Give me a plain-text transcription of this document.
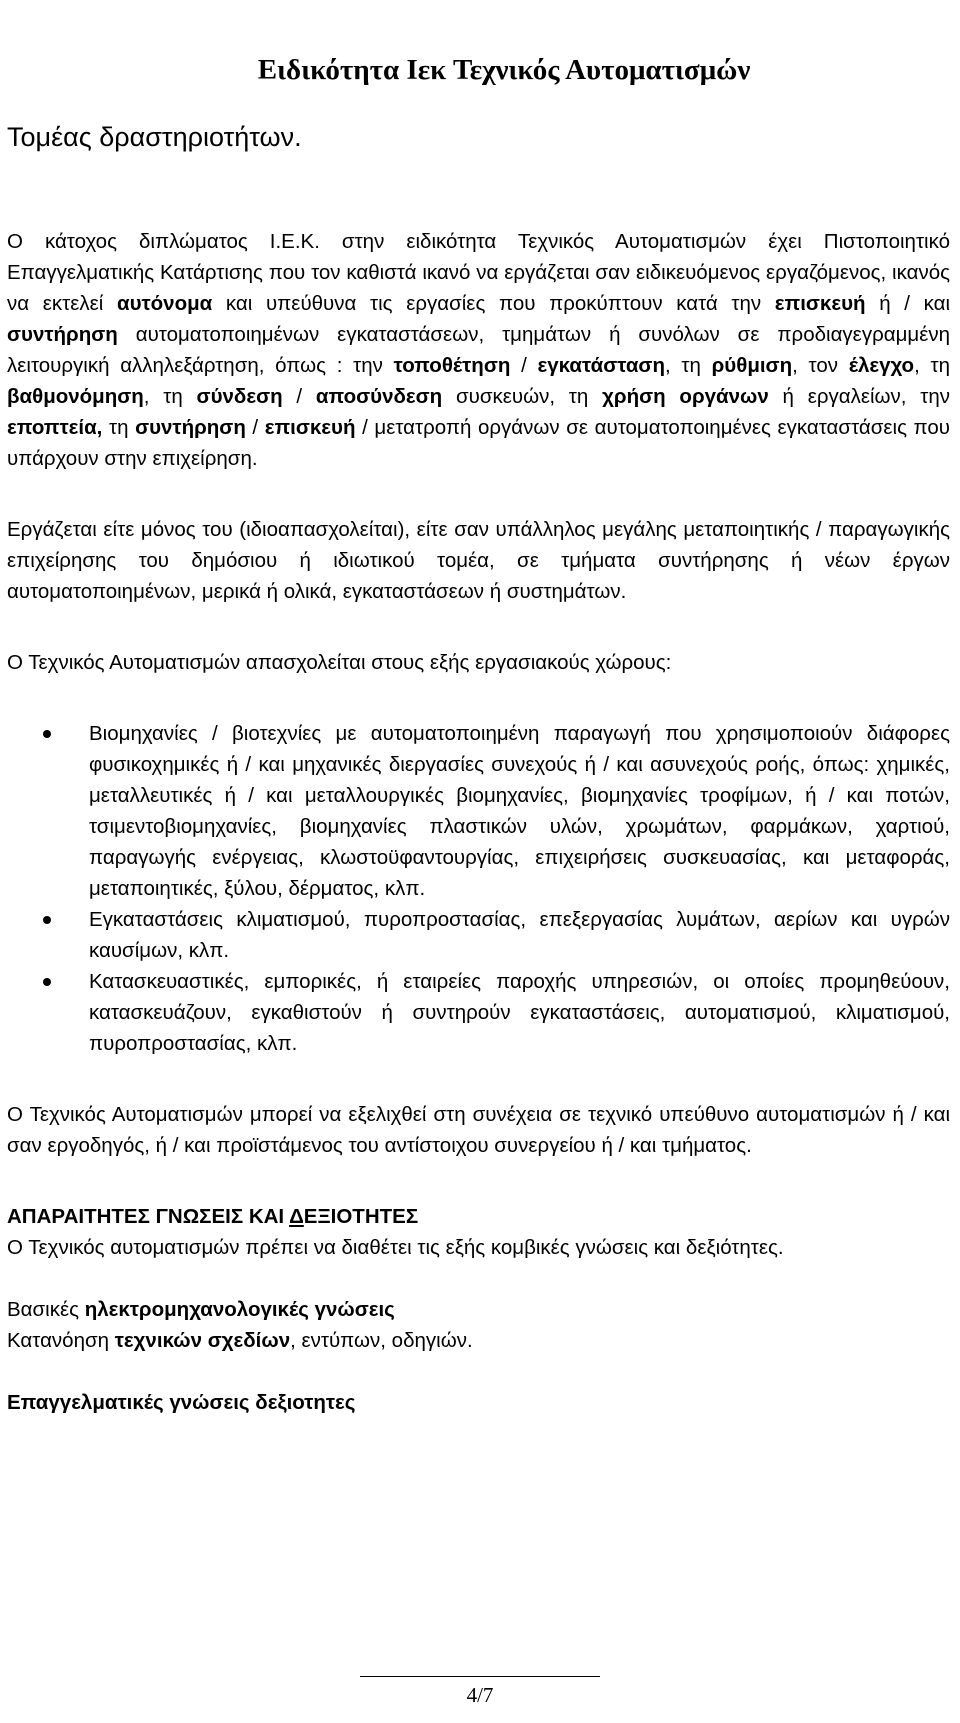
Ειδικότητα Ιεκ Τεχνικός Αυτοματισμών
Τομέας δραστηριοτήτων.

Ο κάτοχος διπλώματος Ι.Ε.Κ. στην ειδικότητα Τεχνικός Αυτοματισμών έχει Πιστοποιητικό Επαγγελματικής Κατάρτισης που τον καθιστά ικανό να εργάζεται σαν ειδικευόμενος εργαζόμενος, ικανός να εκτελεί αυτόνομα και υπεύθυνα τις εργασίες που προκύπτουν κατά την επισκευή ή / και συντήρηση αυτοματοποιημένων εγκαταστάσεων, τμημάτων ή συνόλων σε προδιαγεγραμμένη λειτουργική αλληλεξάρτηση, όπως : την τοποθέτηση / εγκατάσταση, τη ρύθμιση, τον έλεγχο, τη βαθμονόμηση, τη σύνδεση / αποσύνδεση συσκευών, τη χρήση οργάνων ή εργαλείων, την εποπτεία, τη συντήρηση / επισκευή / μετατροπή οργάνων σε αυτοματοποιημένες εγκαταστάσεις που υπάρχουν στην επιχείρηση.

Εργάζεται είτε μόνος του (ιδιοαπασχολείται), είτε σαν υπάλληλος μεγάλης μεταποιητικής / παραγωγικής επιχείρησης του δημόσιου ή ιδιωτικού τομέα, σε τμήματα συντήρησης ή νέων έργων αυτοματοποιημένων, μερικά ή ολικά, εγκαταστάσεων ή συστημάτων.

Ο Τεχνικός Αυτοματισμών απασχολείται στους εξής εργασιακούς χώρους:

Βιομηχανίες / βιοτεχνίες με αυτοματοποιημένη παραγωγή που χρησιμοποιούν διάφορες φυσικοχημικές ή / και μηχανικές διεργασίες συνεχούς ή / και ασυνεχούς ροής, όπως: χημικές, μεταλλευτικές ή / και μεταλλουργικές βιομηχανίες, βιομηχανίες τροφίμων, ή / και ποτών, τσιμεντοβιομηχανίες, βιομηχανίες πλαστικών υλών, χρωμάτων, φαρμάκων, χαρτιού, παραγωγής ενέργειας, κλωστοϋφαντουργίας, επιχειρήσεις συσκευασίας, και μεταφοράς, μεταποιητικές, ξύλου, δέρματος, κλπ.
Εγκαταστάσεις κλιματισμού, πυροπροστασίας, επεξεργασίας λυμάτων, αερίων και υγρών καυσίμων, κλπ.
Κατασκευαστικές, εμπορικές, ή εταιρείες παροχής υπηρεσιών, οι οποίες προμηθεύουν, κατασκευάζουν, εγκαθιστούν ή συντηρούν εγκαταστάσεις, αυτοματισμού, κλιματισμού, πυροπροστασίας, κλπ.

Ο Τεχνικός Αυτοματισμών μπορεί να εξελιχθεί στη συνέχεια σε τεχνικό υπεύθυνο αυτοματισμών ή / και σαν εργοδηγός, ή / και προϊστάμενος του αντίστοιχου συνεργείου ή / και τμήματος.

ΑΠΑΡΑΙΤΗΤΕΣ ΓΝΩΣΕΙΣ ΚΑΙ ΔΕΞΙΟΤΗΤΕΣ

Ο Τεχνικός αυτοματισμών πρέπει να διαθέτει τις εξής κομβικές γνώσεις και δεξιότητες.

Βασικές ηλεκτρομηχανολογικές γνώσεις

Κατανόηση τεχνικών σχεδίων, εντύπων, οδηγιών.

Επαγγελματικές γνώσεις δεξιοτητες

4/7
